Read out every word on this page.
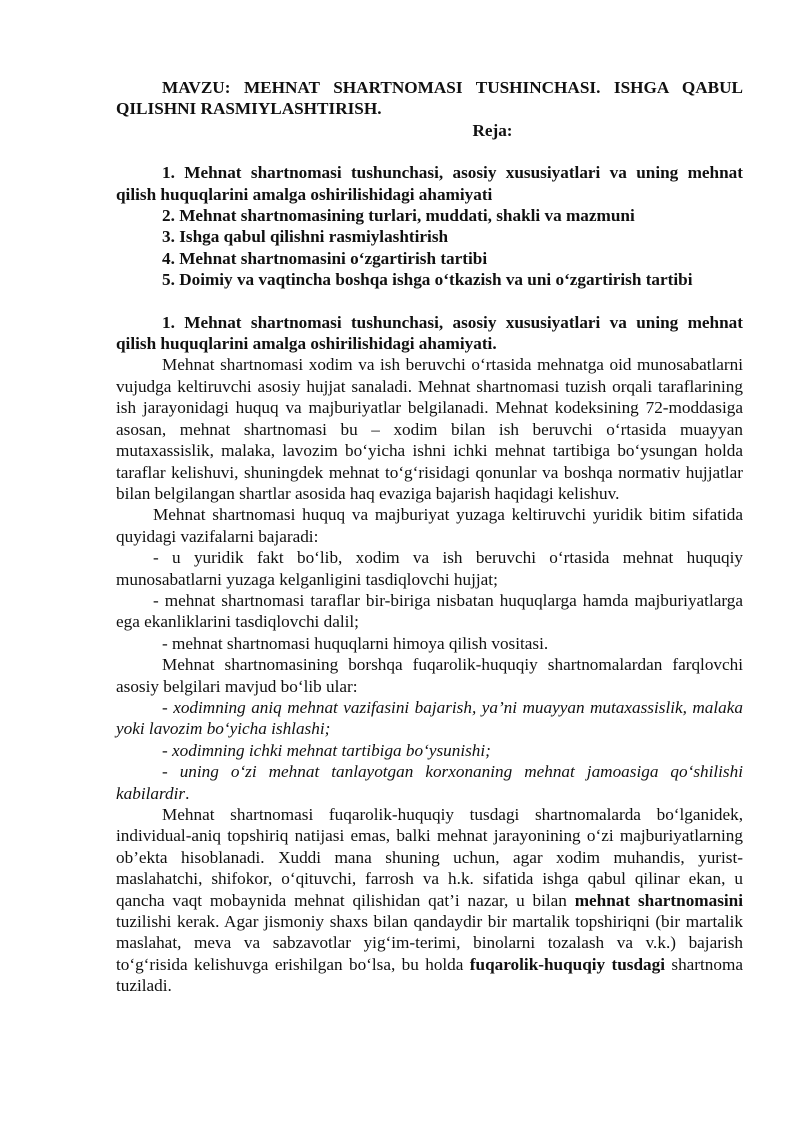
MAVZU: MEHNAT SHARTNOMASI TUSHINCHASI. ISHGA QABUL QILISHNI RASMIYLASHTIRISH.

Reja:

1. Mehnat shartnomasi tushunchasi, asosiy xususiyatlari va uning mehnat qilish huquqlarini amalga oshirilishidagi ahamiyati

2. Mehnat shartnomasining turlari, muddati, shakli va mazmuni

3. Ishga qabul qilishni rasmiylashtirish

4. Mehnat shartnomasini o‘zgartirish tartibi

5. Doimiy va vaqtincha boshqa ishga o‘tkazish va uni o‘zgartirish tartibi

1. Mehnat shartnomasi tushunchasi, asosiy xususiyatlari va uning mehnat qilish huquqlarini amalga oshirilishidagi ahamiyati.

Mehnat shartnomasi xodim va ish beruvchi o‘rtasida mehnatga oid munosabatlarni vujudga keltiruvchi asosiy hujjat sanaladi. Mehnat shartnomasi tuzish orqali taraflarining ish jarayonidagi huquq va majburiyatlar belgilanadi. Mehnat kodeksining 72-moddasiga asosan, mehnat shartnomasi bu – xodim bilan ish beruvchi o‘rtasida muayyan mutaxassislik, malaka, lavozim bo‘yicha ishni ichki mehnat tartibiga bo‘ysungan holda taraflar kelishuvi, shuningdek mehnat to‘g‘risidagi qonunlar va boshqa normativ hujjatlar bilan belgilangan shartlar asosida haq evaziga bajarish haqidagi kelishuv.

Mehnat shartnomasi huquq va majburiyat yuzaga keltiruvchi yuridik bitim sifatida quyidagi vazifalarni bajaradi:

- u yuridik fakt bo‘lib, xodim va ish beruvchi o‘rtasida mehnat huquqiy munosabatlarni yuzaga kelganligini tasdiqlovchi hujjat;

- mehnat shartnomasi taraflar bir-biriga nisbatan huquqlarga hamda majburiyatlarga ega ekanliklarini tasdiqlovchi dalil;

- mehnat shartnomasi huquqlarni himoya qilish vositasi.

Mehnat shartnomasining borshqa fuqarolik-huquqiy shartnomalardan farqlovchi asosiy belgilari mavjud bo‘lib ular:

- xodimning aniq mehnat vazifasini bajarish, ya’ni muayyan mutaxassislik, malaka yoki lavozim bo‘yicha ishlashi;

- xodimning ichki mehnat tartibiga bo‘ysunishi;

- uning o‘zi mehnat tanlayotgan korxonaning mehnat jamoasiga qo‘shilishi kabilardir.

Mehnat shartnomasi fuqarolik-huquqiy tusdagi shartnomalarda bo‘lganidek, individual-aniq topshiriq natijasi emas, balki mehnat jarayonining o‘zi majburiyatlarning ob’ekta hisoblanadi. Xuddi mana shuning uchun, agar xodim muhandis, yurist-maslahatchi, shifokor, o‘qituvchi, farrosh va h.k. sifatida ishga qabul qilinar ekan, u qancha vaqt mobaynida mehnat qilishidan qat’i nazar, u bilan mehnat shartnomasini tuzilishi kerak. Agar jismoniy shaxs bilan qandaydir bir martalik topshiriqni (bir martalik maslahat, meva va sabzavotlar yig‘im-terimi, binolarni tozalash va v.k.) bajarish to‘g‘risida kelishuvga erishilgan bo‘lsa, bu holda fuqarolik-huquqiy tusdagi shartnoma tuziladi.
